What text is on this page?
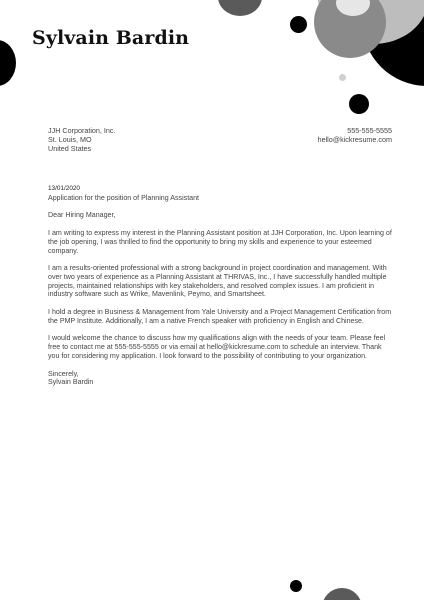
Sylvain Bardin
JJH Corporation, Inc.
St. Louis, MO
United States
555-555-5555
hello@kickresume.com
13/01/2020
Application for the position of Planning Assistant

Dear Hiring Manager,

I am writing to express my interest in the Planning Assistant position at JJH Corporation, Inc. Upon learning of the job opening, I was thrilled to find the opportunity to bring my skills and experience to your esteemed company.

I am a results-oriented professional with a strong background in project coordination and management. With over two years of experience as a Planning Assistant at THRIVAS, Inc., I have successfully handled multiple projects, maintained relationships with key stakeholders, and resolved complex issues. I am proficient in industry software such as Wrike, Mavenlink, Peymo, and Smartsheet.

I hold a degree in Business & Management from Yale University and a Project Management Certification from the PMP Institute. Additionally, I am a native French speaker with proficiency in English and Chinese.

I would welcome the chance to discuss how my qualifications align with the needs of your team. Please feel free to contact me at 555-555-5555 or via email at hello@kickresume.com to schedule an interview. Thank you for considering my application. I look forward to the possibility of contributing to your organization.

Sincerely,

Sylvain Bardin
